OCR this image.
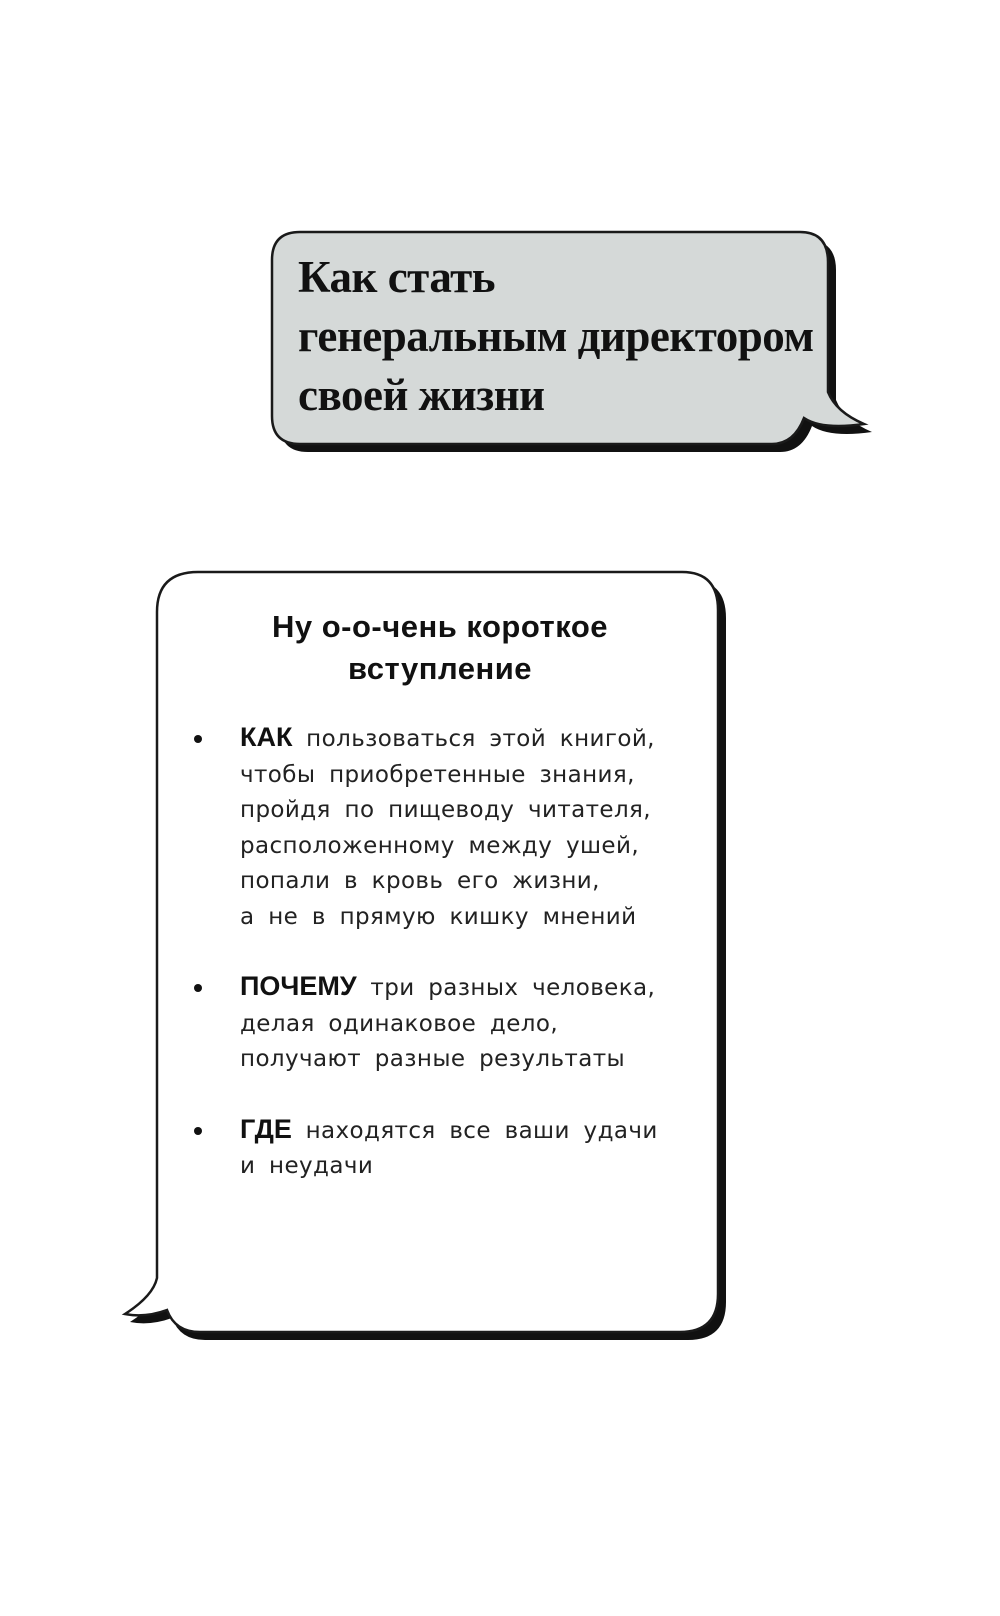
Как стать
генеральным директором
своей жизни
Ну о-о-чень короткое
вступление
КАК пользоваться этой книгой,
чтобы приобретенные знания,
пройдя по пищеводу читателя,
расположенному между ушей,
попали в кровь его жизни,
а не в прямую кишку мнений
ПОЧЕМУ три разных человека,
делая одинаковое дело,
получают разные результаты
ГДЕ находятся все ваши удачи
и неудачи
